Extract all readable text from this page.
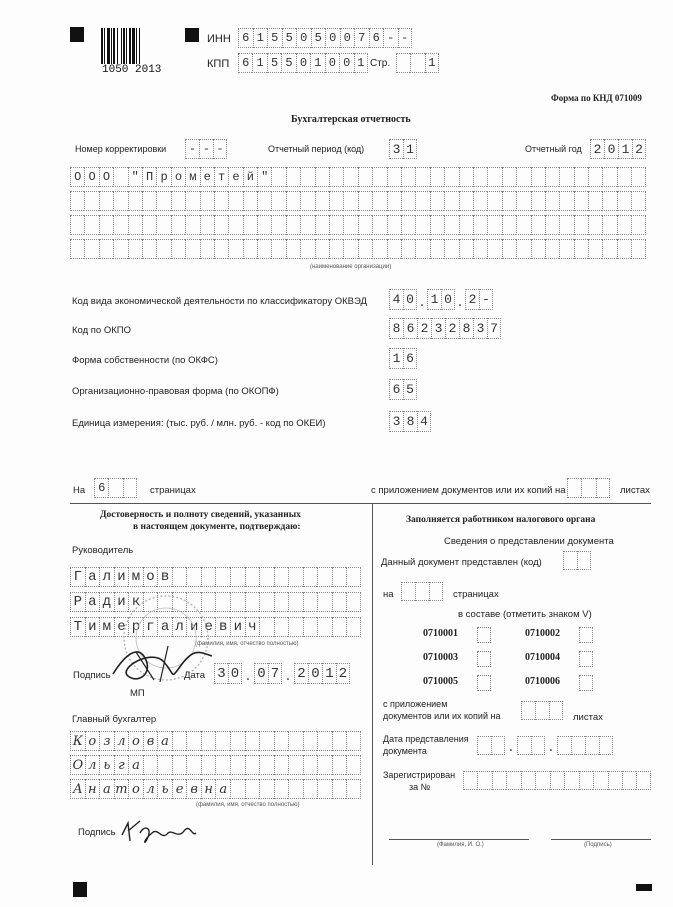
1050 2013
ИНН 6 1 5 5 0 5 0 0 7 6 - -
КПП	6 1 5 5 0 1 0 0 1 Стр.	1
Форма по КНД 071009
Бухгалтерская отчетность
Номер корректировки	- - -	Отчетный период (код) 3 1	Отчетный год 2 0 1 2
О О О	" П р о м е т е й "
(наименование организации)
Код вида экономической деятельности по классификатору ОКВЭД 4 0 . 1 0 . 2 -
Код по ОКПО	8 6 2 3 2 8 3 7
Форма собственности (по ОКФС)	1 6
Организационно-правовая форма (по ОКОПФ)	6 5
Единица измерения: (тыс. руб. / млн. руб. - код по ОКЕИ)	3 8 4
На	6	страницах	с приложением документов или их копий на	листах
Достоверность и полноту сведений, указанных
в настоящем документе, подтверждаю:
Руководитель
Г а л и м о в
Р а д и к
Т и м е р г а л и е в и ч
(фамилия, имя, отчество полностью)
Подпись	Дата 3 0 . 0 7 . 2 0 1 2
МП
Главный бухгалтер
К о з л о в а
О л ь г а
А н а т о л ь е в н а
(фамилия, имя, отчество полностью)
Подпись
Заполняется работником налогового органа
Сведения о представлении документа
Данный документ представлен (код)
на	страницах
в составе (отметить знаком V)
0710001	0710002
0710003	0710004
0710005	0710006
с приложением
документов или их копий на	листах
Дата представления
документа	.	.
Зарегистрирован
за №
(Фамилия, И. О.)	(Подпись)
